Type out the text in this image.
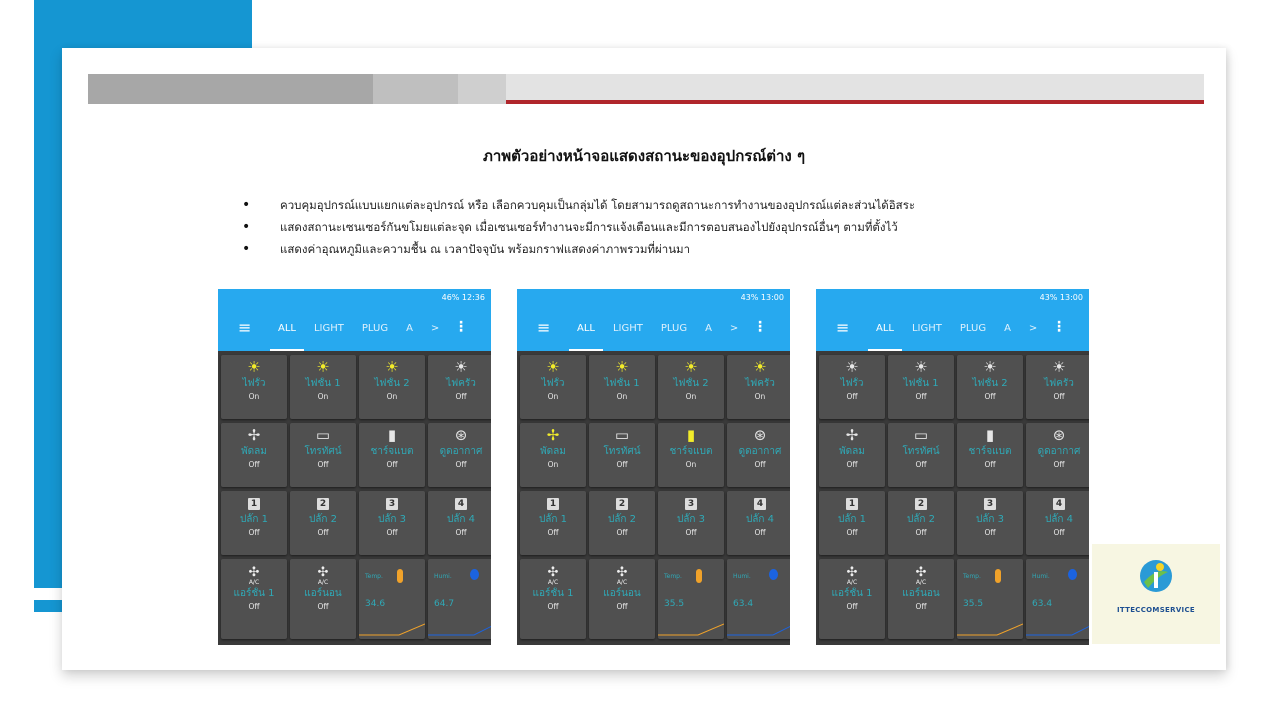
ภาพตัวอย่างหน้าจอแสดงสถานะของอุปกรณ์ต่าง ๆ
• ควบคุมอุปกรณ์แบบแยกแต่ละอุปกรณ์ หรือ เลือกควบคุมเป็นกลุ่มได้ โดยสามารถดูสถานะการทำงานของอุปกรณ์แต่ละส่วนได้อิสระ
• แสดงสถานะเซนเซอร์กันขโมยแต่ละจุด เมื่อเซนเซอร์ทำงานจะมีการแจ้งเตือนและมีการตอบสนองไปยังอุปกรณ์อื่นๆ ตามที่ตั้งไว้
• แสดงค่าอุณหภูมิและความชื้น ณ เวลาปัจจุบัน พร้อมกราฟแสดงค่าภาพรวมที่ผ่านมา
46% 12:36
≡	ALL LIGHT PLUG A > ⋮
☀
ไฟรั้ว
On
☀
ไฟชั้น 1
On
☀
ไฟชั้น 2
On
☀
ไฟครัว
Off
✢
พัดลม
Off
▭
โทรทัศน์
Off
▮
ชาร์จแบต
Off
⊛
ดูดอากาศ
Off
1
ปลั๊ก 1
Off
2
ปลั๊ก 2
Off
3
ปลั๊ก 3
Off
4
ปลั๊ก 4
Off
✣
A/C
แอร์ชั้น 1
Off
✣
A/C
แอร์นอน
Off
Temp.
34.6
Humi.
64.7
43% 13:00
≡	ALL LIGHT PLUG A > ⋮
☀
ไฟรั้ว
On
☀
ไฟชั้น 1
On
☀
ไฟชั้น 2
On
☀
ไฟครัว
On
✢
พัดลม
On
▭
โทรทัศน์
Off
▮
ชาร์จแบต
On
⊛
ดูดอากาศ
Off
1
ปลั๊ก 1
Off
2
ปลั๊ก 2
Off
3
ปลั๊ก 3
Off
4
ปลั๊ก 4
Off
✣
A/C
แอร์ชั้น 1
Off
✣
A/C
แอร์นอน
Off
Temp.
35.5
Humi.
63.4
43% 13:00
≡	ALL LIGHT PLUG A > ⋮
☀
ไฟรั้ว
Off
☀
ไฟชั้น 1
Off
☀
ไฟชั้น 2
Off
☀
ไฟครัว
Off
✢
พัดลม
Off
▭
โทรทัศน์
Off
▮
ชาร์จแบต
Off
⊛
ดูดอากาศ
Off
1
ปลั๊ก 1
Off
2
ปลั๊ก 2
Off
3
ปลั๊ก 3
Off
4
ปลั๊ก 4
Off
✣
A/C
แอร์ชั้น 1
Off
✣
A/C
แอร์นอน
Off
Temp.
35.5
Humi.
63.4
ITTECCOMSERVICE
